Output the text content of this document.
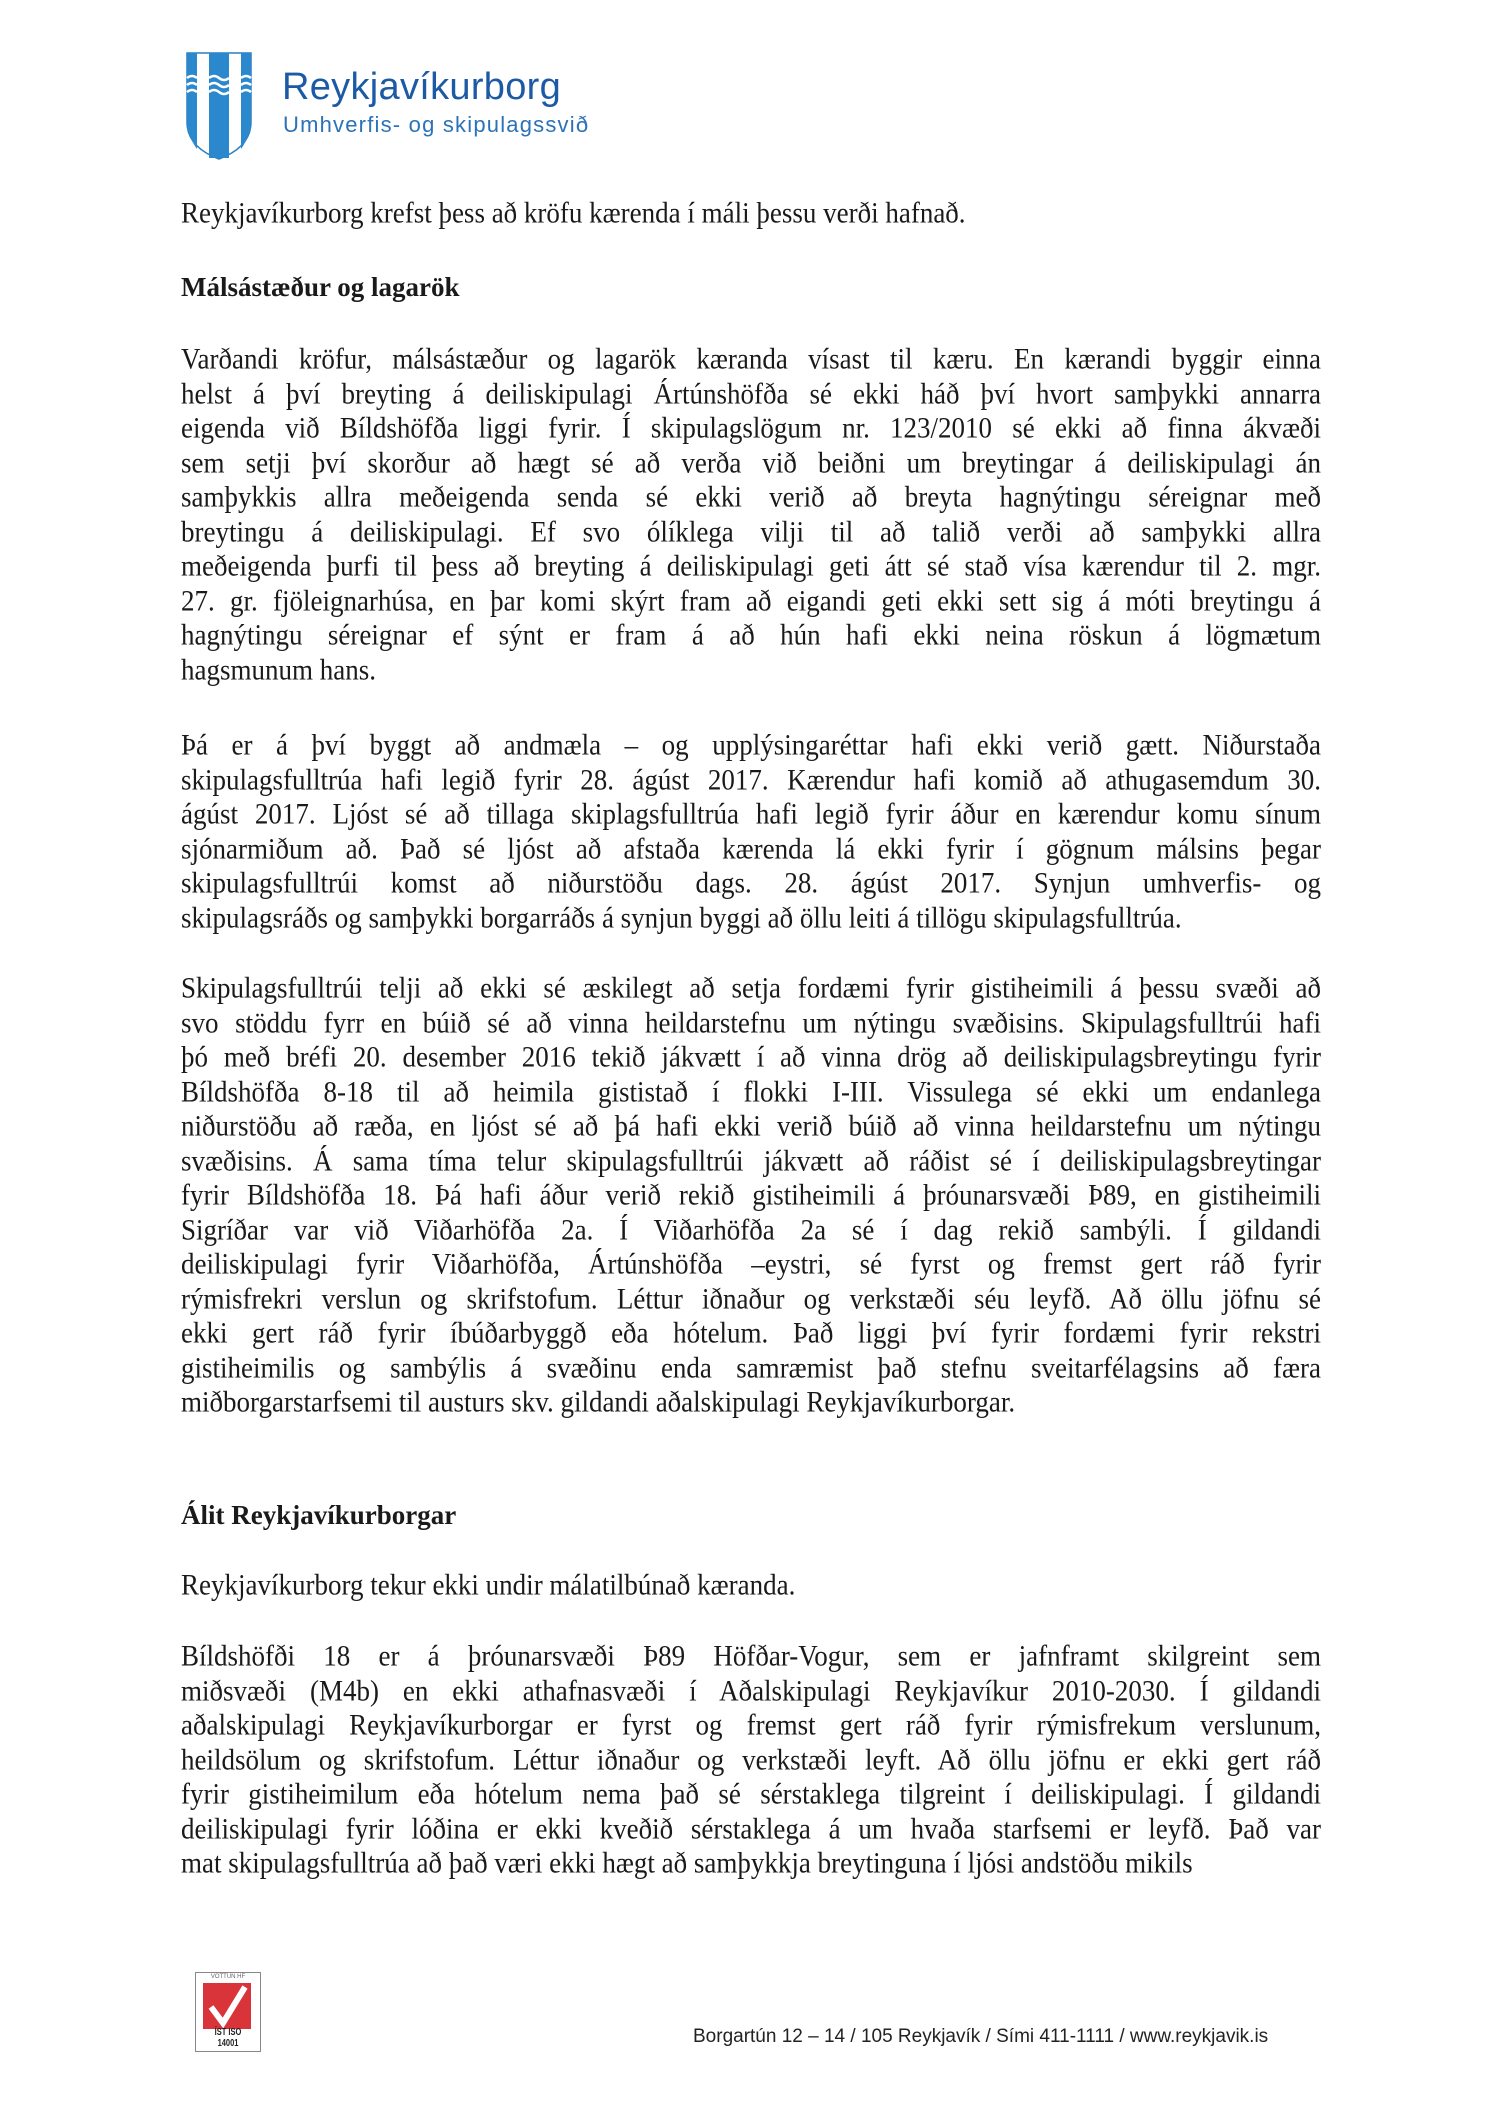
Reykjavíkurborg
Umhverfis- og skipulagssvið
Reykjavíkurborg krefst þess að kröfu kærenda í máli þessu verði hafnað.
Málsástæður og lagarök
Varðandi kröfur, málsástæður og lagarök kæranda vísast til kæru. En kærandi byggir einna
helst á því breyting á deiliskipulagi Ártúnshöfða sé ekki háð því hvort samþykki annarra
eigenda við Bíldshöfða liggi fyrir. Í skipulagslögum nr. 123/2010 sé ekki að finna ákvæði
sem setji því skorður að hægt sé að verða við beiðni um breytingar á deiliskipulagi án
samþykkis allra meðeigenda senda sé ekki verið að breyta hagnýtingu séreignar með
breytingu á deiliskipulagi. Ef svo ólíklega vilji til að talið verði að samþykki allra
meðeigenda þurfi til þess að breyting á deiliskipulagi geti átt sé stað vísa kærendur til 2. mgr.
27. gr. fjöleignarhúsa, en þar komi skýrt fram að eigandi geti ekki sett sig á móti breytingu á
hagnýtingu séreignar ef sýnt er fram á að hún hafi ekki neina röskun á lögmætum
hagsmunum hans.
Þá er á því byggt að andmæla – og upplýsingaréttar hafi ekki verið gætt. Niðurstaða
skipulagsfulltrúa hafi legið fyrir 28. ágúst 2017. Kærendur hafi komið að athugasemdum 30.
ágúst 2017. Ljóst sé að tillaga skiplagsfulltrúa hafi legið fyrir áður en kærendur komu sínum
sjónarmiðum að. Það sé ljóst að afstaða kærenda lá ekki fyrir í gögnum málsins þegar
skipulagsfulltrúi komst að niðurstöðu dags. 28. ágúst 2017. Synjun umhverfis- og
skipulagsráðs og samþykki borgarráðs á synjun byggi að öllu leiti á tillögu skipulagsfulltrúa.
Skipulagsfulltrúi telji að ekki sé æskilegt að setja fordæmi fyrir gistiheimili á þessu svæði að
svo stöddu fyrr en búið sé að vinna heildarstefnu um nýtingu svæðisins. Skipulagsfulltrúi hafi
þó með bréfi 20. desember 2016 tekið jákvætt í að vinna drög að deiliskipulagsbreytingu fyrir
Bíldshöfða 8-18 til að heimila gististað í flokki I-III. Vissulega sé ekki um endanlega
niðurstöðu að ræða, en ljóst sé að þá hafi ekki verið búið að vinna heildarstefnu um nýtingu
svæðisins. Á sama tíma telur skipulagsfulltrúi jákvætt að ráðist sé í deiliskipulagsbreytingar
fyrir Bíldshöfða 18. Þá hafi áður verið rekið gistiheimili á þróunarsvæði Þ89, en gistiheimili
Sigríðar var við Viðarhöfða 2a. Í Viðarhöfða 2a sé í dag rekið sambýli. Í gildandi
deiliskipulagi fyrir Viðarhöfða, Ártúnshöfða –eystri, sé fyrst og fremst gert ráð fyrir
rýmisfrekri verslun og skrifstofum. Léttur iðnaður og verkstæði séu leyfð. Að öllu jöfnu sé
ekki gert ráð fyrir íbúðarbyggð eða hótelum. Það liggi því fyrir fordæmi fyrir rekstri
gistiheimilis og sambýlis á svæðinu enda samræmist það stefnu sveitarfélagsins að færa
miðborgarstarfsemi til austurs skv. gildandi aðalskipulagi Reykjavíkurborgar.
Álit Reykjavíkurborgar
Reykjavíkurborg tekur ekki undir málatilbúnað kæranda.
Bíldshöfði 18 er á þróunarsvæði Þ89 Höfðar-Vogur, sem er jafnframt skilgreint sem
miðsvæði (M4b) en ekki athafnasvæði í Aðalskipulagi Reykjavíkur 2010-2030. Í gildandi
aðalskipulagi Reykjavíkurborgar er fyrst og fremst gert ráð fyrir rýmisfrekum verslunum,
heildsölum og skrifstofum. Léttur iðnaður og verkstæði leyft. Að öllu jöfnu er ekki gert ráð
fyrir gistiheimilum eða hótelum nema það sé sérstaklega tilgreint í deiliskipulagi. Í gildandi
deiliskipulagi fyrir lóðina er ekki kveðið sérstaklega á um hvaða starfsemi er leyfð. Það var
mat skipulagsfulltrúa að það væri ekki hægt að samþykkja breytinguna í ljósi andstöðu mikils
VOTTUN HF
ÍST ISO 14001	Borgartún 12 – 14 / 105 Reykjavík / Sími 411-1111 / www.reykjavik.is
